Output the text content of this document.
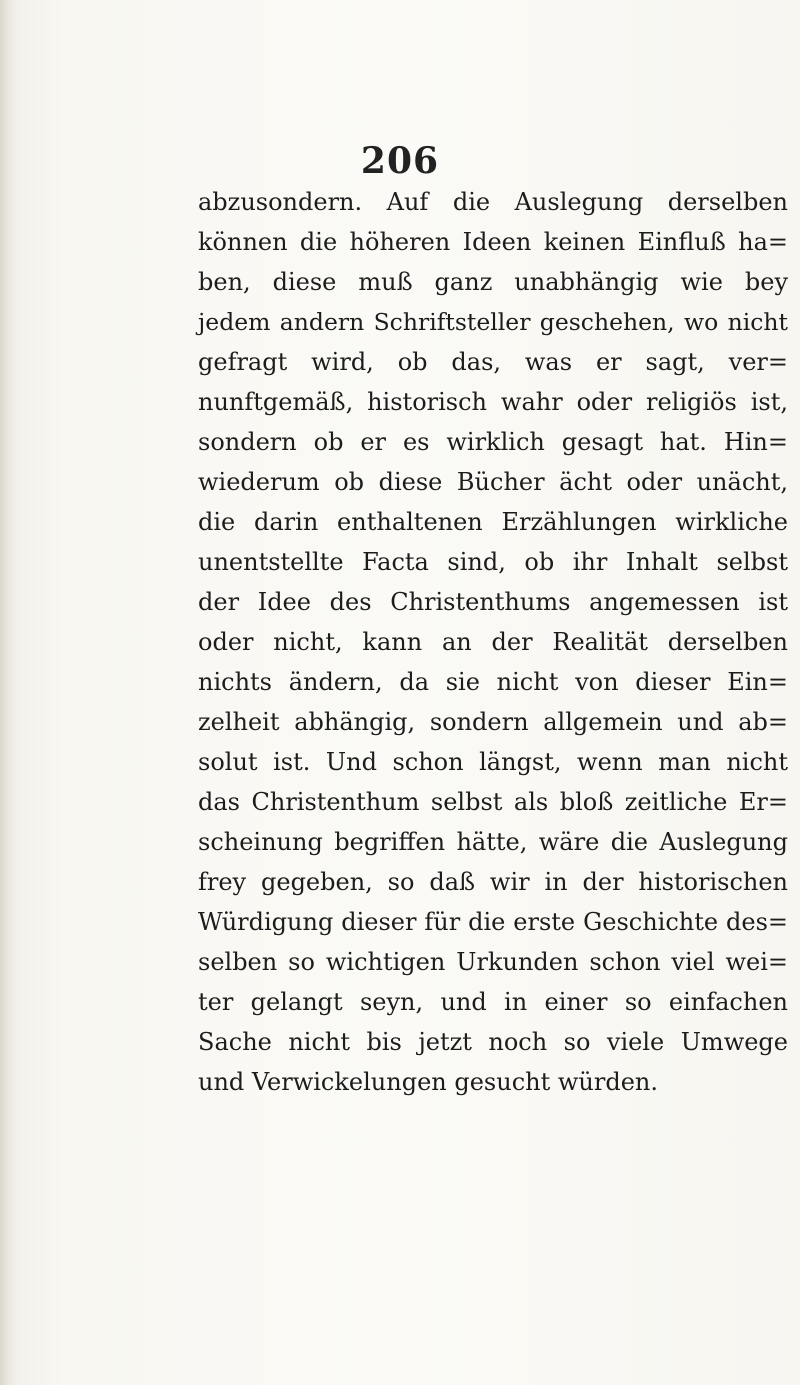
206
abzusondern. Auf die Auslegung derselben
können die höheren Ideen keinen Einfluß ha=
ben, diese muß ganz unabhängig wie bey
jedem andern Schriftsteller geschehen, wo nicht
gefragt wird, ob das, was er sagt, ver=
nunftgemäß, historisch wahr oder religiös ist,
sondern ob er es wirklich gesagt hat. Hin=
wiederum ob diese Bücher ächt oder unächt,
die darin enthaltenen Erzählungen wirkliche
unentstellte Facta sind, ob ihr Inhalt selbst
der Idee des Christenthums angemessen ist
oder nicht, kann an der Realität derselben
nichts ändern, da sie nicht von dieser Ein=
zelheit abhängig, sondern allgemein und ab=
solut ist. Und schon längst, wenn man nicht
das Christenthum selbst als bloß zeitliche Er=
scheinung begriffen hätte, wäre die Auslegung
frey gegeben, so daß wir in der historischen
Würdigung dieser für die erste Geschichte des=
selben so wichtigen Urkunden schon viel wei=
ter gelangt seyn, und in einer so einfachen
Sache nicht bis jetzt noch so viele Umwege
und Verwickelungen gesucht würden.
